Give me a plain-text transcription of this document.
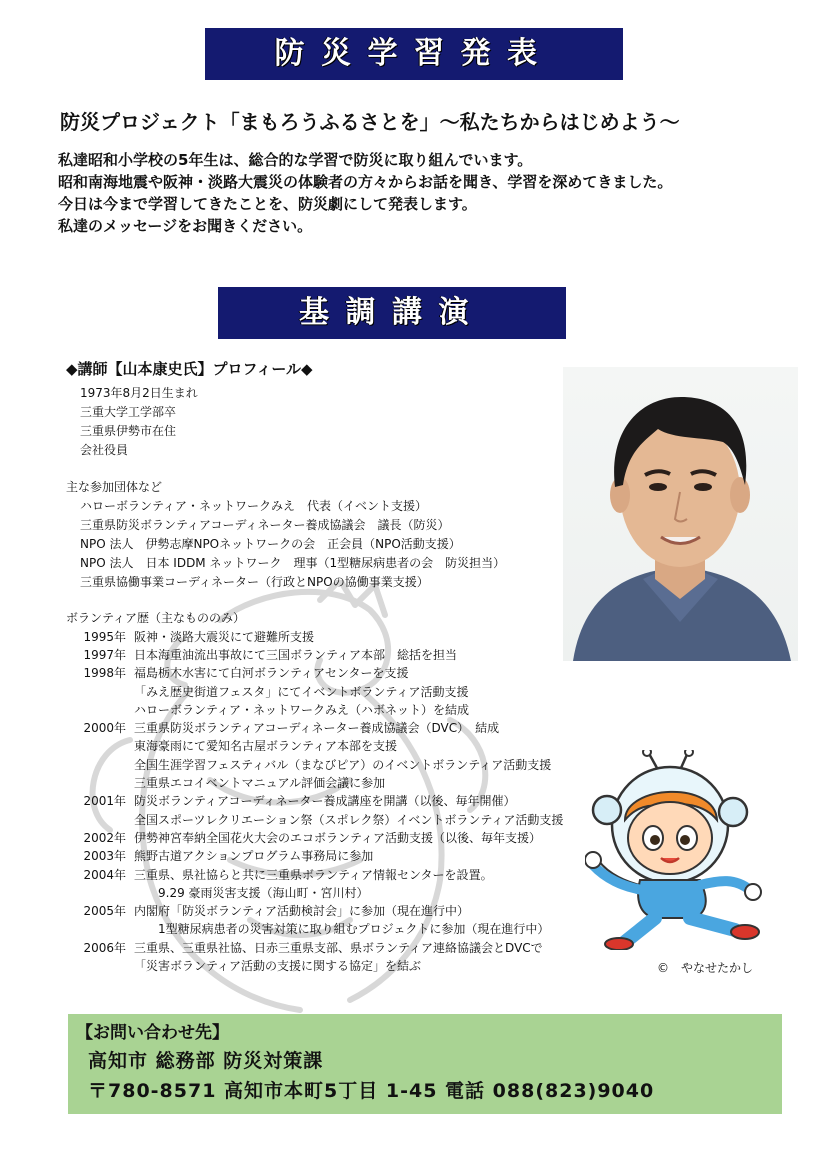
防災学習発表
防災プロジェクト「まもろうふるさとを」～私たちからはじめよう～
私達昭和小学校の5年生は、総合的な学習で防災に取り組んでいます。
昭和南海地震や阪神・淡路大震災の体験者の方々からお話を聞き、学習を深めてきました。
今日は今まで学習してきたことを、防災劇にして発表します。
私達のメッセージをお聞きください。
基調講演
◆講師【山本康史氏】プロフィール◆
1973年8月2日生まれ
三重大学工学部卒
三重県伊勢市在住
会社役員
主な参加団体など
ハローボランティア・ネットワークみえ　代表（イベント支援）
三重県防災ボランティアコーディネーター養成協議会　議長（防災）
NPO 法人　伊勢志摩NPOネットワークの会　正会員（NPO活動支援）
NPO 法人　日本 IDDM ネットワーク　理事（1型糖尿病患者の会　防災担当）
三重県協働事業コーディネーター（行政とNPOの協働事業支援）
ボランティア歴（主なもののみ）
1995年 阪神・淡路大震災にて避難所支援
1997年 日本海重油流出事故にて三国ボランティア本部　総括を担当
1998年 福島栃木水害にて白河ボランティアセンターを支援
「みえ歴史街道フェスタ」にてイベントボランティア活動支援
ハローボランティア・ネットワークみえ（ハボネット）を結成
2000年 三重県防災ボランティアコーディネーター養成協議会（DVC）　結成
東海豪雨にて愛知名古屋ボランティア本部を支援
全国生涯学習フェスティバル（まなびピア）のイベントボランティア活動支援
三重県エコイベントマニュアル評価会議に参加
2001年 防災ボランティアコーディネーター養成講座を開講（以後、毎年開催）
全国スポーツレクリエーション祭（スポレク祭）イベントボランティア活動支援
2002年 伊勢神宮奉納全国花火大会のエコボランティア活動支援（以後、毎年支援）
2003年 熊野古道アクションプログラム事務局に参加
2004年 三重県、県社協らと共に三重県ボランティア情報センターを設置。
　　9.29 豪雨災害支援（海山町・宮川村）
2005年 内閣府「防災ボランティア活動検討会」に参加（現在進行中）
　　1型糖尿病患者の災害対策に取り組むプロジェクトに参加（現在進行中）
2006年 三重県、三重県社協、日赤三重県支部、県ボランティア連絡協議会とDVCで
「災害ボランティア活動の支援に関する協定」を結ぶ	©　やなせたかし
【お問い合わせ先】
高知市 総務部 防災対策課
〒780-8571 高知市本町5丁目 1-45 電話 088(823)9040
